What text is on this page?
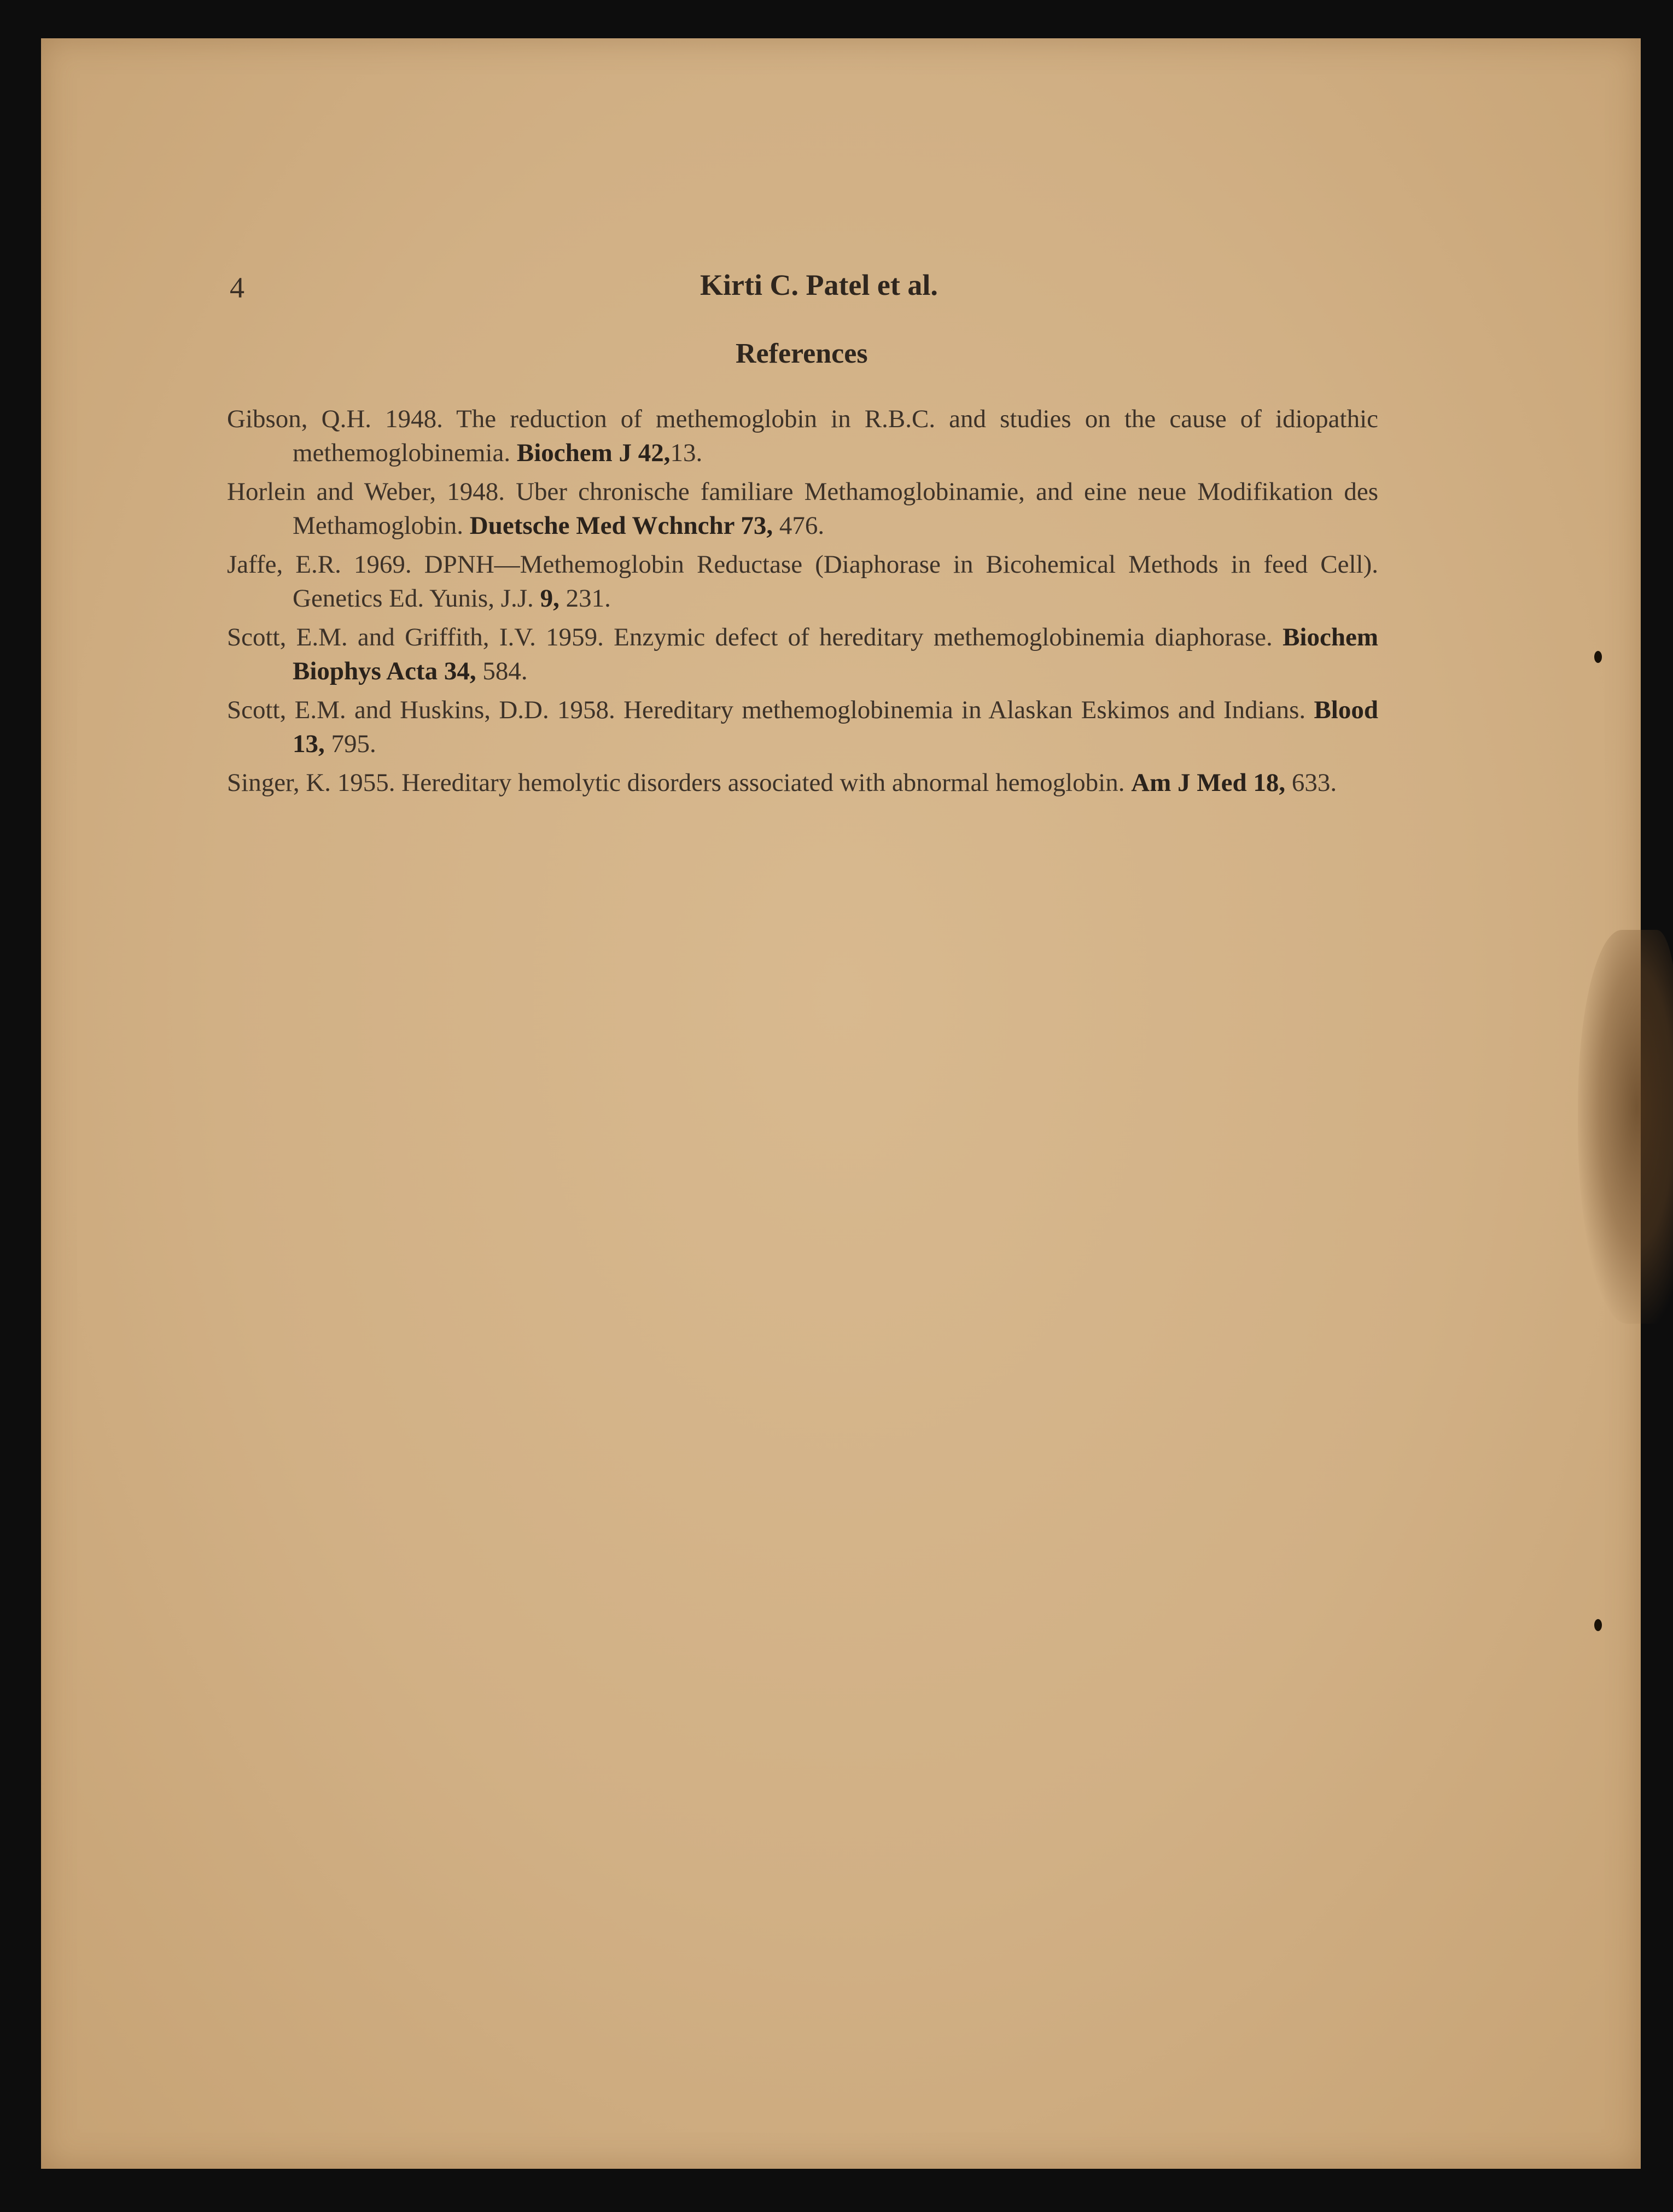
4	Kirti C. Patel et al.
References

Gibson, Q.H. 1948. The reduction of methemoglobin in R.B.C. and studies on the cause of idiopathic methemoglobinemia. Biochem J 42,13.

Horlein and Weber, 1948. Uber chronische familiare Methamoglobinamie, and eine neue Modifikation des Methamoglobin. Duetsche Med Wchnchr 73, 476.

Jaffe, E.R. 1969. DPNH—Methemoglobin Reductase (Diaphorase in Bicohemical Methods in feed Cell). Genetics Ed. Yunis, J.J. 9, 231.

Scott, E.M. and Griffith, I.V. 1959. Enzymic defect of hereditary methemoglobinemia diaphorase. Biochem Biophys Acta 34, 584.

Scott, E.M. and Huskins, D.D. 1958. Hereditary methemoglobinemia in Alaskan Eskimos and Indians. Blood 13, 795.

Singer, K. 1955. Hereditary hemolytic disorders associated with abnormal hemoglobin. Am J Med 18, 633.
